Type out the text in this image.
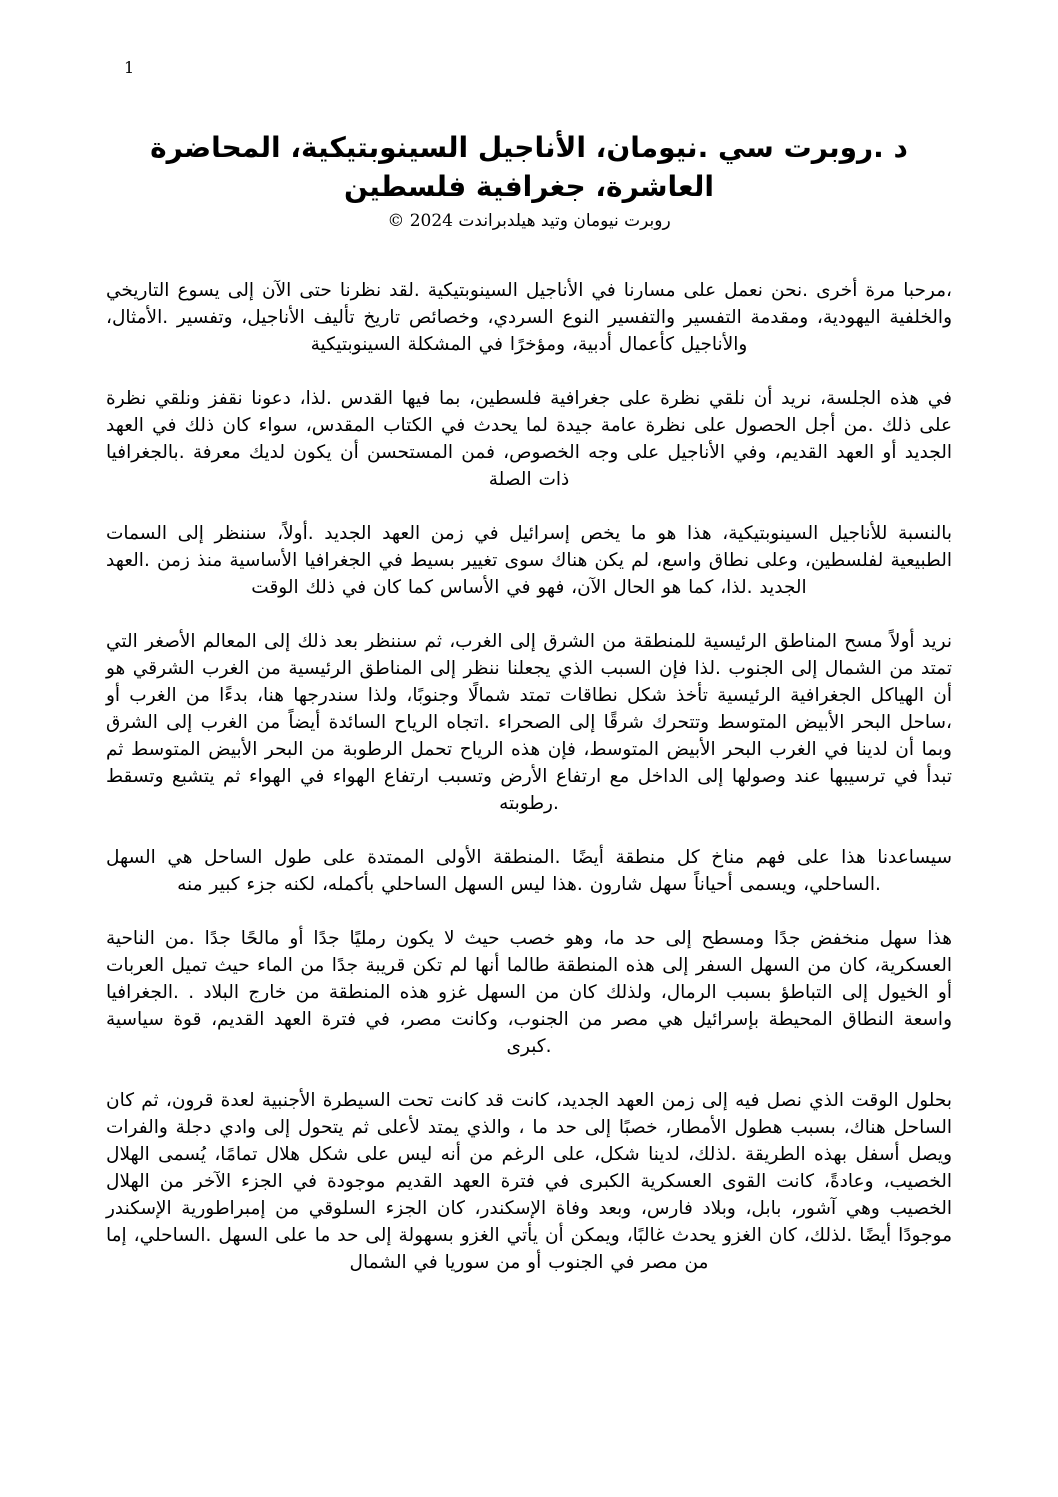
1
د .روبرت سي .نيومان، الأناجيل السينوبتيكية، المحاضرة
العاشرة، جغرافية فلسطين
روبرت نيومان وتيد هيلدبراندت 2024 ©

،مرحبا مرة أخرى .نحن نعمل على مسارنا في الأناجيل السينوبتيكية .لقد نظرنا حتى الآن إلى يسوع التاريخي والخلفية اليهودية، ومقدمة التفسير والتفسير النوع السردي، وخصائص تاريخ تأليف الأناجيل، وتفسير .الأمثال، والأناجيل كأعمال أدبية، ومؤخرًا في المشكلة السينوبتيكية

في هذه الجلسة، نريد أن نلقي نظرة على جغرافية فلسطين، بما فيها القدس .لذا، دعونا نقفز ونلقي نظرة على ذلك .من أجل الحصول على نظرة عامة جيدة لما يحدث في الكتاب المقدس، سواء كان ذلك في العهد الجديد أو العهد القديم، وفي الأناجيل على وجه الخصوص، فمن المستحسن أن يكون لديك معرفة .بالجغرافيا ذات الصلة

بالنسبة للأناجيل السينوبتيكية، هذا هو ما يخص إسرائيل في زمن العهد الجديد .أولاً، سننظر إلى السمات الطبيعية لفلسطين، وعلى نطاق واسع، لم يكن هناك سوى تغيير بسيط في الجغرافيا الأساسية منذ زمن .العهد الجديد .لذا، كما هو الحال الآن، فهو في الأساس كما كان في ذلك الوقت

نريد أولاً مسح المناطق الرئيسية للمنطقة من الشرق إلى الغرب، ثم سننظر بعد ذلك إلى المعالم الأصغر التي تمتد من الشمال إلى الجنوب .لذا فإن السبب الذي يجعلنا ننظر إلى المناطق الرئيسية من الغرب الشرقي هو أن الهياكل الجغرافية الرئيسية تأخذ شكل نطاقات تمتد شمالًا وجنوبًا، ولذا سندرجها هنا، بدءًا من الغرب أو ،ساحل البحر الأبيض المتوسط وتتحرك شرقًا إلى الصحراء .اتجاه الرياح السائدة أيضاً من الغرب إلى الشرق وبما أن لدينا في الغرب البحر الأبيض المتوسط، فإن هذه الرياح تحمل الرطوبة من البحر الأبيض المتوسط ثم تبدأ في ترسيبها عند وصولها إلى الداخل مع ارتفاع الأرض وتسبب ارتفاع الهواء في الهواء ثم يتشبع وتسقط .رطوبته

سيساعدنا هذا على فهم مناخ كل منطقة أيضًا .المنطقة الأولى الممتدة على طول الساحل هي السهل .الساحلي، ويسمى أحياناً سهل شارون .هذا ليس السهل الساحلي بأكمله، لكنه جزء كبير منه

هذا سهل منخفض جدًا ومسطح إلى حد ما، وهو خصب حيث لا يكون رمليًا جدًا أو مالحًا جدًا .من الناحية العسكرية، كان من السهل السفر إلى هذه المنطقة طالما أنها لم تكن قريبة جدًا من الماء حيث تميل العربات أو الخيول إلى التباطؤ بسبب الرمال، ولذلك كان من السهل غزو هذه المنطقة من خارج البلاد . .الجغرافيا واسعة النطاق المحيطة بإسرائيل هي مصر من الجنوب، وكانت مصر، في فترة العهد القديم، قوة سياسية .كبرى

بحلول الوقت الذي نصل فيه إلى زمن العهد الجديد، كانت قد كانت تحت السيطرة الأجنبية لعدة قرون، ثم كان الساحل هناك، بسبب هطول الأمطار، خصبًا إلى حد ما ، والذي يمتد لأعلى ثم يتحول إلى وادي دجلة والفرات ويصل أسفل بهذه الطريقة .لذلك، لدينا شكل، على الرغم من أنه ليس على شكل هلال تمامًا، يُسمى الهلال الخصيب، وعادةً، كانت القوى العسكرية الكبرى في فترة العهد القديم موجودة في الجزء الآخر من الهلال الخصيب وهي آشور، بابل، وبلاد فارس، وبعد وفاة الإسكندر، كان الجزء السلوقي من إمبراطورية الإسكندر موجودًا أيضًا .لذلك، كان الغزو يحدث غالبًا، ويمكن أن يأتي الغزو بسهولة إلى حد ما على السهل .الساحلي، إما من مصر في الجنوب أو من سوريا في الشمال
